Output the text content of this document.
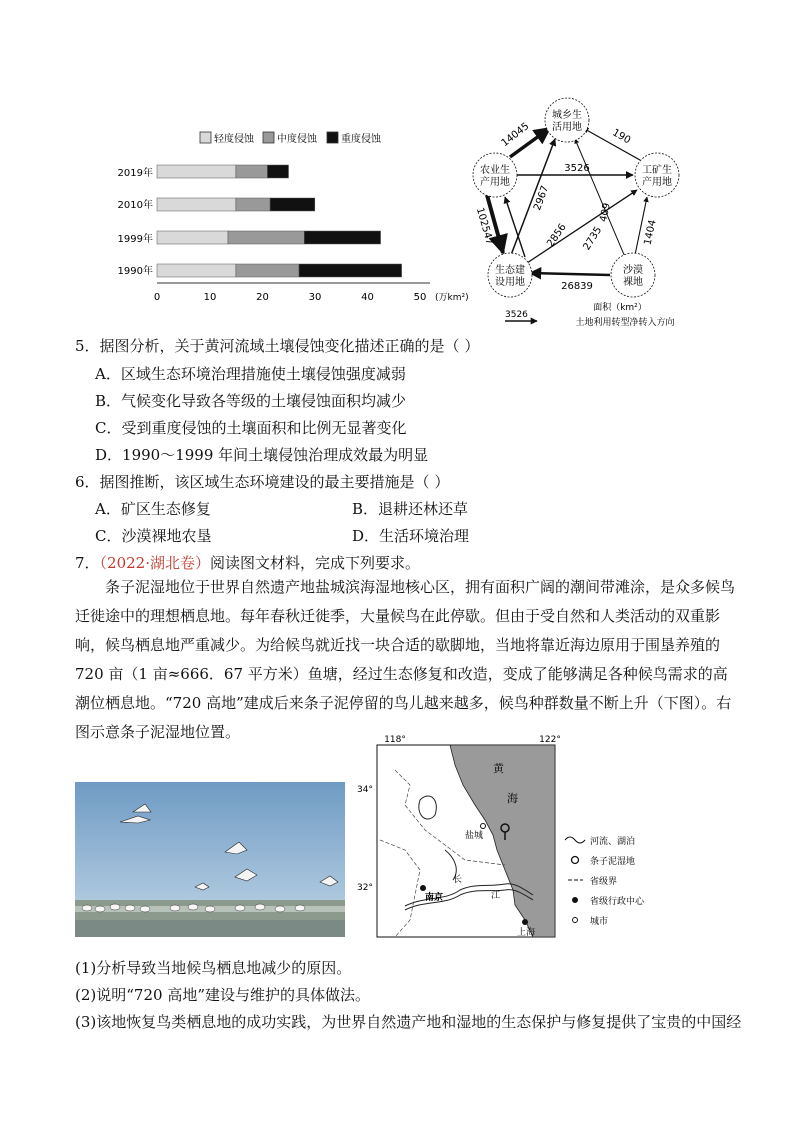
轻度侵蚀 中度侵蚀 重度侵蚀
2019年
2010年
1999年
1990年
0	10	20	30	40	50 (万km²)
城乡生
活用地
农业生
产用地
工矿生
产用地
生态建
设用地
沙漠
裸地
14045	190
3526
102547
2967
2856
409
2735	1404
26839
面积（km²）
3526
土地利用转型净转入方向
5．据图分析，关于黄河流域土壤侵蚀变化描述正确的是（ ）
A．区域生态环境治理措施使土壤侵蚀强度减弱
B．气候变化导致各等级的土壤侵蚀面积均减少
C．受到重度侵蚀的土壤面积和比例无显著变化
D．1990～1999 年间土壤侵蚀治理成效最为明显
6．据图推断，该区域生态环境建设的最主要措施是（ ）
A．矿区生态修复	B．退耕还林还草
C．沙漠裸地农垦	D．生活环境治理
7．（2022·湖北卷）阅读图文材料，完成下列要求。
条子泥湿地位于世界自然遗产地盐城滨海湿地核心区，拥有面积广阔的潮间带滩涂，是众多候鸟迁徙途中的理想栖息地。每年春秋迁徙季，大量候鸟在此停歇。但由于受自然和人类活动的双重影响，候鸟栖息地严重减少。为给候鸟就近找一块合适的歇脚地，当地将靠近海边原用于围垦养殖的 720 亩（1 亩≈666．67 平方米）鱼塘，经过生态修复和改造，变成了能够满足各种候鸟需求的高潮位栖息地。“720 高地”建成后来条子泥停留的鸟儿越来越多，候鸟种群数量不断上升（下图）。右图示意条子泥湿地位置。	118°	122°
34°
32°
黄
海
盐城
南京
长
江
上海
河流、湖泊
条子泥湿地
省级界
省级行政中心
城市
(1)分析导致当地候鸟栖息地减少的原因。
(2)说明“720 高地”建设与维护的具体做法。
(3)该地恢复鸟类栖息地的成功实践，为世界自然遗产地和湿地的生态保护与修复提供了宝贵的中国经
